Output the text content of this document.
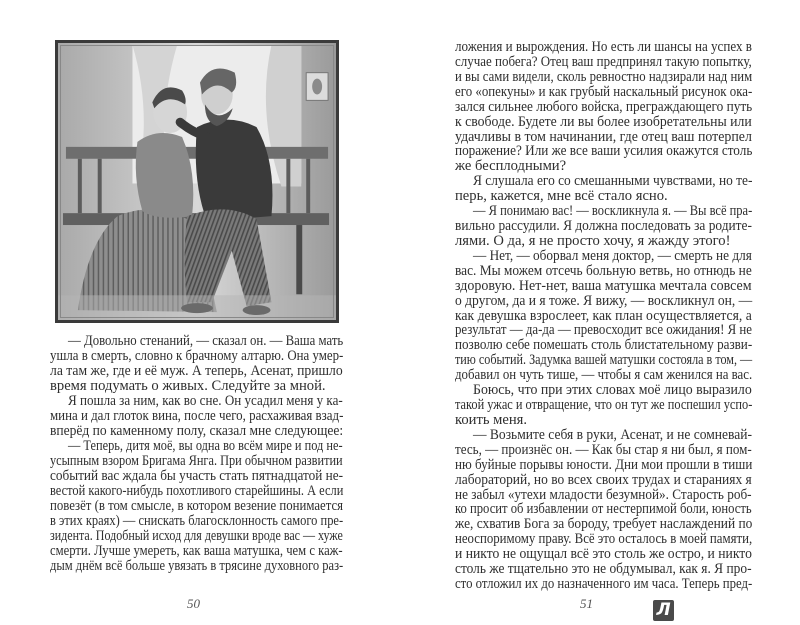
— Довольно стенаний, — сказал он. — Ваша мать
ушла в смерть, словно к брачному алтарю. Она умер-
ла там же, где и её муж. А теперь, Асенат, пришло
время подумать о живых. Следуйте за мной.
Я пошла за ним, как во сне. Он усадил меня у ка-
мина и дал глоток вина, после чего, расхаживая взад-
вперёд по каменному полу, сказал мне следующее:
— Теперь, дитя моё, вы одна во всём мире и под не-
усыпным взором Бригама Янга. При обычном развитии
событий вас ждала бы участь стать пятнадцатой не-
вестой какого-нибудь похотливого старейшины. А если
повезёт (в том смысле, в котором везение понимается
в этих краях) — снискать благосклонность самого пре-
зидента. Подобный исход для девушки вроде вас — хуже
смерти. Лучше умереть, как ваша матушка, чем с каж-
дым днём всё больше увязать в трясине духовного раз-
50
ложения и вырождения. Но есть ли шансы на успех в
случае побега? Отец ваш предпринял такую попытку,
и вы сами видели, сколь ревностно надзирали над ним
его «опекуны» и как грубый наскальный рисунок ока-
зался сильнее любого войска, преграждающего путь
к свободе. Будете ли вы более изобретательны или
удачливы в том начинании, где отец ваш потерпел
поражение? Или же все ваши усилия окажутся столь
же бесплодными?
Я слушала его со смешанными чувствами, но те-
перь, кажется, мне всё стало ясно.
— Я понимаю вас! — воскликнула я. — Вы всё пра-
вильно рассудили. Я должна последовать за родите-
лями. О да, я не просто хочу, я жажду этого!
— Нет, — оборвал меня доктор, — смерть не для
вас. Мы можем отсечь больную ветвь, но отнюдь не
здоровую. Нет-нет, ваша матушка мечтала совсем
о другом, да и я тоже. Я вижу, — воскликнул он, —
как девушка взрослеет, как план осуществляется, а
результат — да-да — превосходит все ожидания! Я не
позволю себе помешать столь блистательному разви-
тию событий. Задумка вашей матушки состояла в том, —
добавил он чуть тише, — чтобы я сам женился на вас.
Боюсь, что при этих словах моё лицо выразило
такой ужас и отвращение, что он тут же поспешил успо-
коить меня.
— Возьмите себя в руки, Асенат, и не сомневай-
тесь, — произнёс он. — Как бы стар я ни был, я пом-
ню буйные порывы юности. Дни мои прошли в тиши
лабораторий, но во всех своих трудах и стараниях я
не забыл «утехи младости безумной». Старость роб-
ко просит об избавлении от нестерпимой боли, юность
же, схватив Бога за бороду, требует наслаждений по
неоспоримому праву. Всё это осталось в моей памяти,
и никто не ощущал всё это столь же остро, и никто
столь же тщательно это не обдумывал, как я. Я про-
сто отложил их до назначенного им часа. Теперь пред-
51	Л
